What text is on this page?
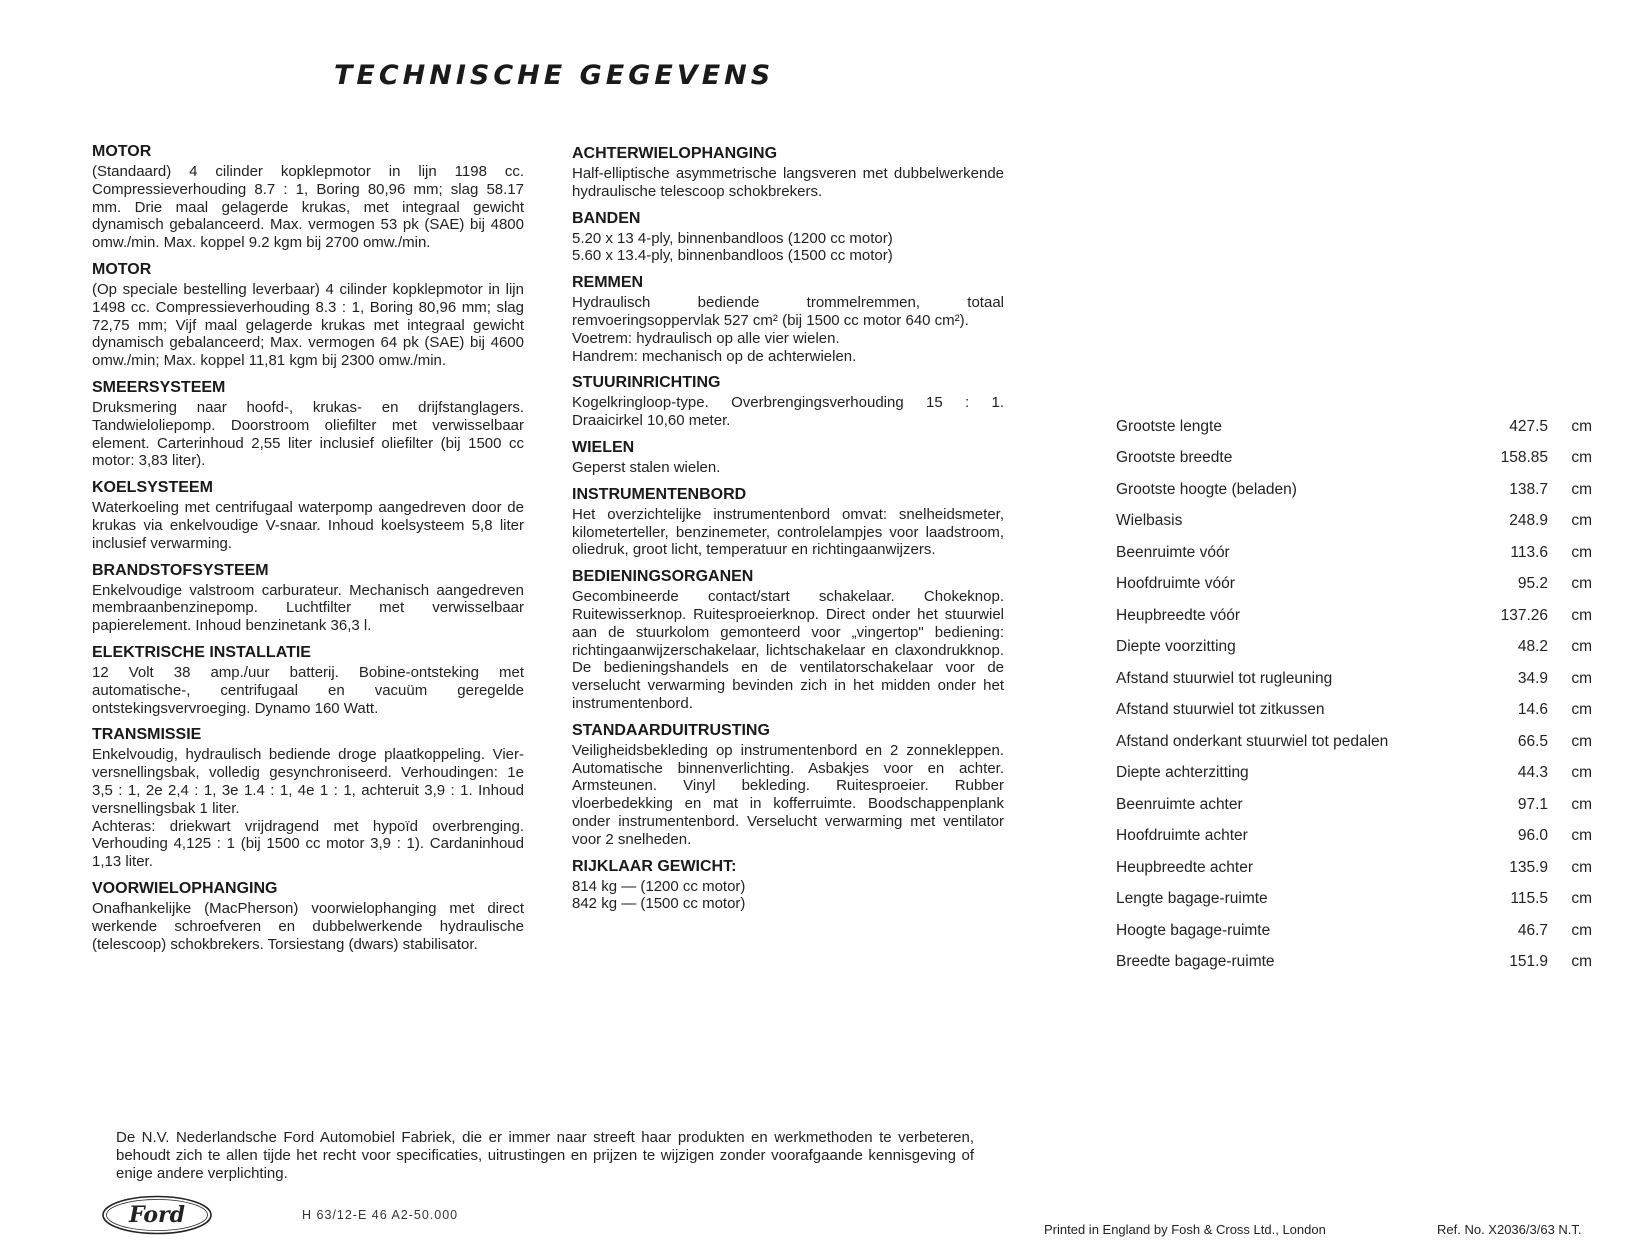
TECHNISCHE GEGEVENS
MOTOR

(Standaard) 4 cilinder kopklepmotor in lijn 1198 cc. Compressieverhouding 8.7 : 1, Boring 80,96 mm; slag 58.17 mm. Drie maal gelagerde krukas, met integraal gewicht dynamisch gebalanceerd. Max. vermogen 53 pk (SAE) bij 4800 omw./min. Max. koppel 9.2 kgm bij 2700 omw./min.

MOTOR

(Op speciale bestelling leverbaar) 4 cilinder kopklepmotor in lijn 1498 cc. Compressieverhouding 8.3 : 1, Boring 80,96 mm; slag 72,75 mm; Vijf maal gelagerde krukas met integraal gewicht dynamisch gebalanceerd; Max. vermogen 64 pk (SAE) bij 4600 omw./min; Max. koppel 11,81 kgm bij 2300 omw./min.

SMEERSYSTEEM

Druksmering naar hoofd-, krukas- en drijfstanglagers. Tandwieloliepomp. Doorstroom oliefilter met verwisselbaar element. Carterinhoud 2,55 liter inclusief oliefilter (bij 1500 cc motor: 3,83 liter).

KOELSYSTEEM

Waterkoeling met centrifugaal waterpomp aangedreven door de krukas via enkelvoudige V-snaar. Inhoud koelsysteem 5,8 liter inclusief verwarming.

BRANDSTOFSYSTEEM

Enkelvoudige valstroom carburateur. Mechanisch aangedreven membraanbenzinepomp. Luchtfilter met verwisselbaar papierelement. Inhoud benzinetank 36,3 l.

ELEKTRISCHE INSTALLATIE

12 Volt 38 amp./uur batterij. Bobine-ontsteking met automatische-, centrifugaal en vacuüm geregelde ontstekingsvervroeging. Dynamo 160 Watt.

TRANSMISSIE

Enkelvoudig, hydraulisch bediende droge plaatkoppeling. Vier-versnellingsbak, volledig gesynchroniseerd. Verhoudingen: 1e 3,5 : 1, 2e 2,4 : 1, 3e 1.4 : 1, 4e 1 : 1, achteruit 3,9 : 1. Inhoud versnellingsbak 1 liter.

Achteras: driekwart vrijdragend met hypoïd overbrenging. Verhouding 4,125 : 1 (bij 1500 cc motor 3,9 : 1). Cardaninhoud 1,13 liter.

VOORWIELOPHANGING

Onafhankelijke (MacPherson) voorwielophanging met direct werkende schroefveren en dubbelwerkende hydraulische (telescoop) schokbrekers. Torsiestang (dwars) stabilisator.

ACHTERWIELOPHANGING

Half-elliptische asymmetrische langsveren met dubbelwerkende hydraulische telescoop schokbrekers.

BANDEN

5.20 x 13 4-ply, binnenbandloos (1200 cc motor)

5.60 x 13.4-ply, binnenbandloos (1500 cc motor)

REMMEN

Hydraulisch bediende trommelremmen, totaal remvoeringsoppervlak 527 cm² (bij 1500 cc motor 640 cm²).

Voetrem: hydraulisch op alle vier wielen.

Handrem: mechanisch op de achterwielen.

STUURINRICHTING

Kogelkringloop-type. Overbrengingsverhouding 15 : 1. Draaicirkel 10,60 meter.

WIELEN

Geperst stalen wielen.

INSTRUMENTENBORD

Het overzichtelijke instrumentenbord omvat: snelheidsmeter, kilometerteller, benzinemeter, controlelampjes voor laadstroom, oliedruk, groot licht, temperatuur en richtingaanwijzers.

BEDIENINGSORGANEN

Gecombineerde contact/start schakelaar. Chokeknop. Ruitewisserknop. Ruitesproeierknop. Direct onder het stuurwiel aan de stuurkolom gemonteerd voor „vingertop" bediening: richtingaanwijzerschakelaar, lichtschakelaar en claxondrukknop. De bedieningshandels en de ventilatorschakelaar voor de verselucht verwarming bevinden zich in het midden onder het instrumentenbord.

STANDAARDUITRUSTING

Veiligheidsbekleding op instrumentenbord en 2 zonnekleppen. Automatische binnenverlichting. Asbakjes voor en achter. Armsteunen. Vinyl bekleding. Ruitesproeier. Rubber vloerbedekking en mat in kofferruimte. Boodschappenplank onder instrumentenbord. Verselucht verwarming met ventilator voor 2 snelheden.

RIJKLAAR GEWICHT:

814 kg — (1200 cc motor)

842 kg — (1500 cc motor)

Grootste lengte	427.5	cm
Grootste breedte	158.85	cm
Grootste hoogte (beladen)	138.7	cm
Wielbasis	248.9	cm
Beenruimte vóór	113.6	cm
Hoofdruimte vóór	95.2	cm
Heupbreedte vóór	137.26	cm
Diepte voorzitting	48.2	cm
Afstand stuurwiel tot rugleuning	34.9	cm
Afstand stuurwiel tot zitkussen	14.6	cm
Afstand onderkant stuurwiel tot pedalen	66.5	cm
Diepte achterzitting	44.3	cm
Beenruimte achter	97.1	cm
Hoofdruimte achter	96.0	cm
Heupbreedte achter	135.9	cm
Lengte bagage-ruimte	115.5	cm
Hoogte bagage-ruimte	46.7	cm
Breedte bagage-ruimte	151.9	cm
De N.V. Nederlandsche Ford Automobiel Fabriek, die er immer naar streeft haar produkten en werkmethoden te verbeteren, behoudt zich te allen tijde het recht voor specificaties, uitrustingen en prijzen te wijzigen zonder voorafgaande kennisgeving of enige andere verplichting.
Ford	H 63/12-E 46 A2-50.000
Printed in England by Fosh & Cross Ltd., London	Ref. No. X2036/3/63 N.T.
